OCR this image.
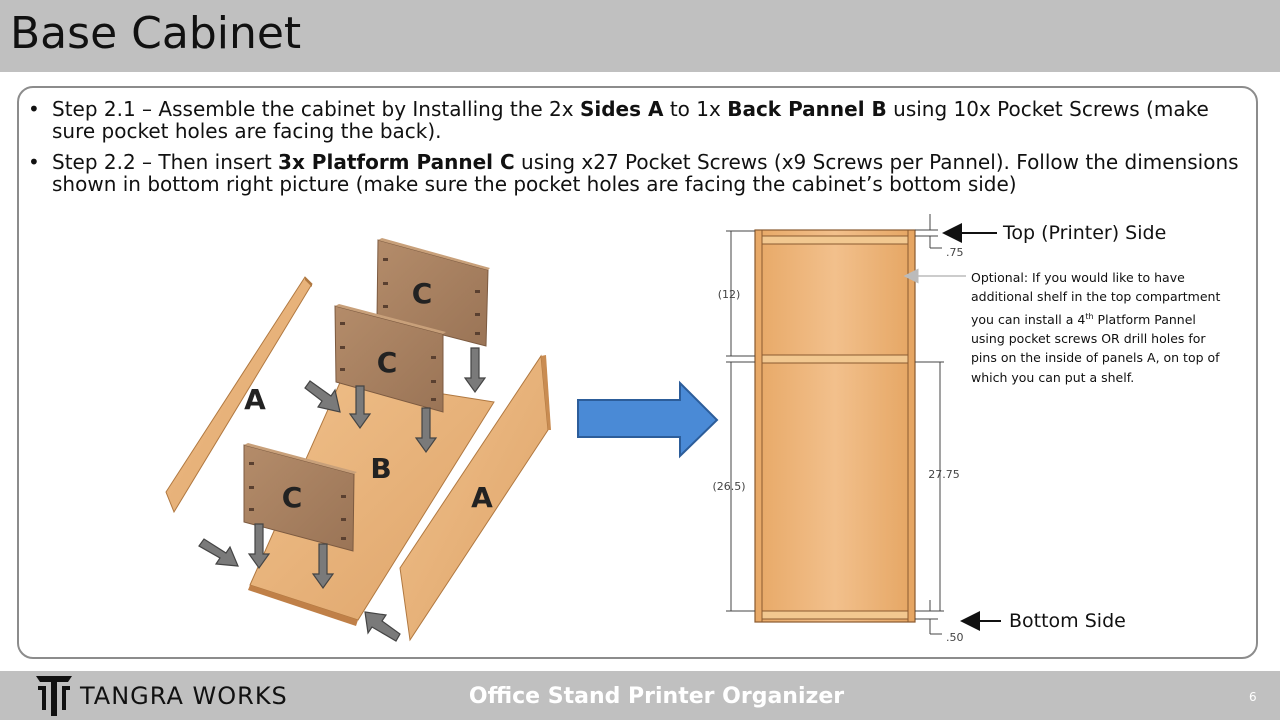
Base Cabinet
• Step 2.1 – Assemble the cabinet by Installing the 2x Sides A to 1x Back Pannel B using 10x Pocket Screws (make sure pocket holes are facing the back).
• Step 2.2 – Then insert 3x Platform Pannel C using x27 Pocket Screws (x9 Screws per Pannel). Follow the dimensions shown in bottom right picture (make sure the pocket holes are facing the cabinet’s bottom side)
C
C
A
B
C	A
(12)
(26.5)
27.75
.75
.50
Top (Printer) Side
Bottom Side
Optional: If you would like to have additional shelf in the top compartment you can install a 4th Platform Pannel using pocket screws OR drill holes for pins on the inside of panels A, on top of which you can put a shelf.
TANGRA WORKS	Office Stand Printer Organizer	6
